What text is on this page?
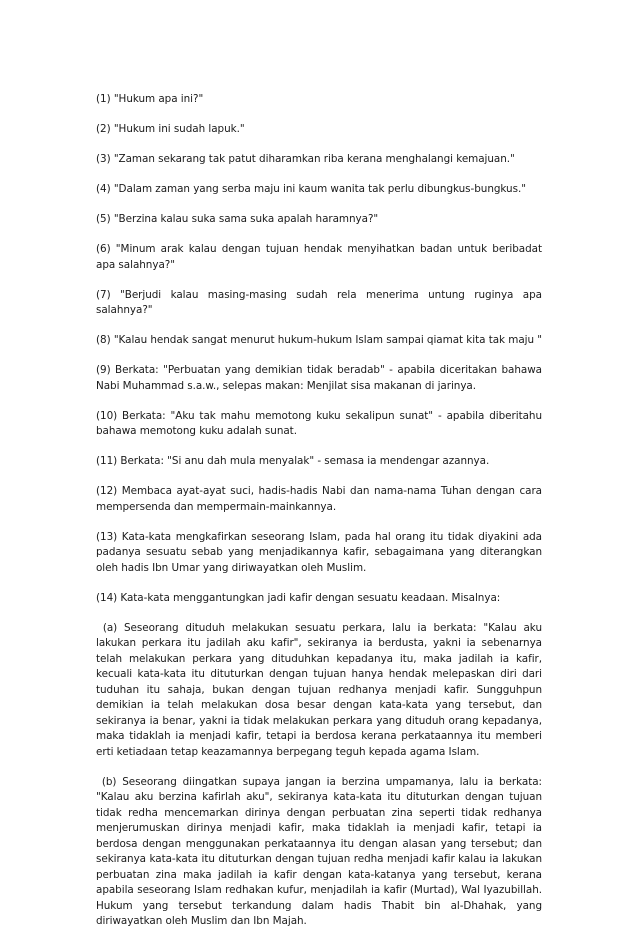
(1) "Hukum apa ini?"

(2) "Hukum ini sudah lapuk."

(3) "Zaman sekarang tak patut diharamkan riba kerana menghalangi kemajuan."

(4) "Dalam zaman yang serba maju ini kaum wanita tak perlu dibungkus-bungkus."

(5) "Berzina kalau suka sama suka apalah haramnya?"

(6) "Minum arak kalau dengan tujuan hendak menyihatkan badan untuk beribadat apa salahnya?"

(7) "Berjudi kalau masing-masing sudah rela menerima untung ruginya apa salahnya?"

(8) "Kalau hendak sangat menurut hukum-hukum Islam sampai qiamat kita tak maju "

(9) Berkata: "Perbuatan yang demikian tidak beradab" - apabila diceritakan bahawa Nabi Muhammad s.a.w., selepas makan: Menjilat sisa makanan di jarinya.

(10) Berkata: "Aku tak mahu memotong kuku sekalipun sunat" - apabila diberitahu bahawa memotong kuku adalah sunat.

(11) Berkata: "Si anu dah mula menyalak" - semasa ia mendengar azannya.

(12) Membaca ayat-ayat suci, hadis-hadis Nabi dan nama-nama Tuhan dengan cara mempersenda dan mempermain-mainkannya.

(13) Kata-kata mengkafirkan seseorang Islam, pada hal orang itu tidak diyakini ada padanya sesuatu sebab yang menjadikannya kafir, sebagaimana yang diterangkan oleh hadis Ibn Umar yang diriwayatkan oleh Muslim.

(14) Kata-kata menggantungkan jadi kafir dengan sesuatu keadaan. Misalnya:

(a) Seseorang dituduh melakukan sesuatu perkara, lalu ia berkata: "Kalau aku lakukan perkara itu jadilah aku kafir", sekiranya ia berdusta, yakni ia sebenarnya telah melakukan perkara yang dituduhkan kepadanya itu, maka jadilah ia kafir, kecuali kata-kata itu dituturkan dengan tujuan hanya hendak melepaskan diri dari tuduhan itu sahaja, bukan dengan tujuan redhanya menjadi kafir. Sungguhpun demikian ia telah melakukan dosa besar dengan kata-kata yang tersebut, dan sekiranya ia benar, yakni ia tidak melakukan perkara yang dituduh orang kepadanya, maka tidaklah ia menjadi kafir, tetapi ia berdosa kerana perkataannya itu memberi erti ketiadaan tetap keazamannya berpegang teguh kepada agama Islam.

(b) Seseorang diingatkan supaya jangan ia berzina umpamanya, lalu ia berkata: "Kalau aku berzina kafirlah aku", sekiranya kata-kata itu dituturkan dengan tujuan tidak redha mencemarkan dirinya dengan perbuatan zina seperti tidak redhanya menjerumuskan dirinya menjadi kafir, maka tidaklah ia menjadi kafir, tetapi ia berdosa dengan menggunakan perkataannya itu dengan alasan yang tersebut; dan sekiranya kata-kata itu dituturkan dengan tujuan redha menjadi kafir kalau ia lakukan perbuatan zina maka jadilah ia kafir dengan kata-katanya yang tersebut, kerana apabila seseorang Islam redhakan kufur, menjadilah ia kafir (Murtad), Wal Iyazubillah. Hukum yang tersebut terkandung dalam hadis Thabit bin al-Dhahak, yang diriwayatkan oleh Muslim dan Ibn Majah.
